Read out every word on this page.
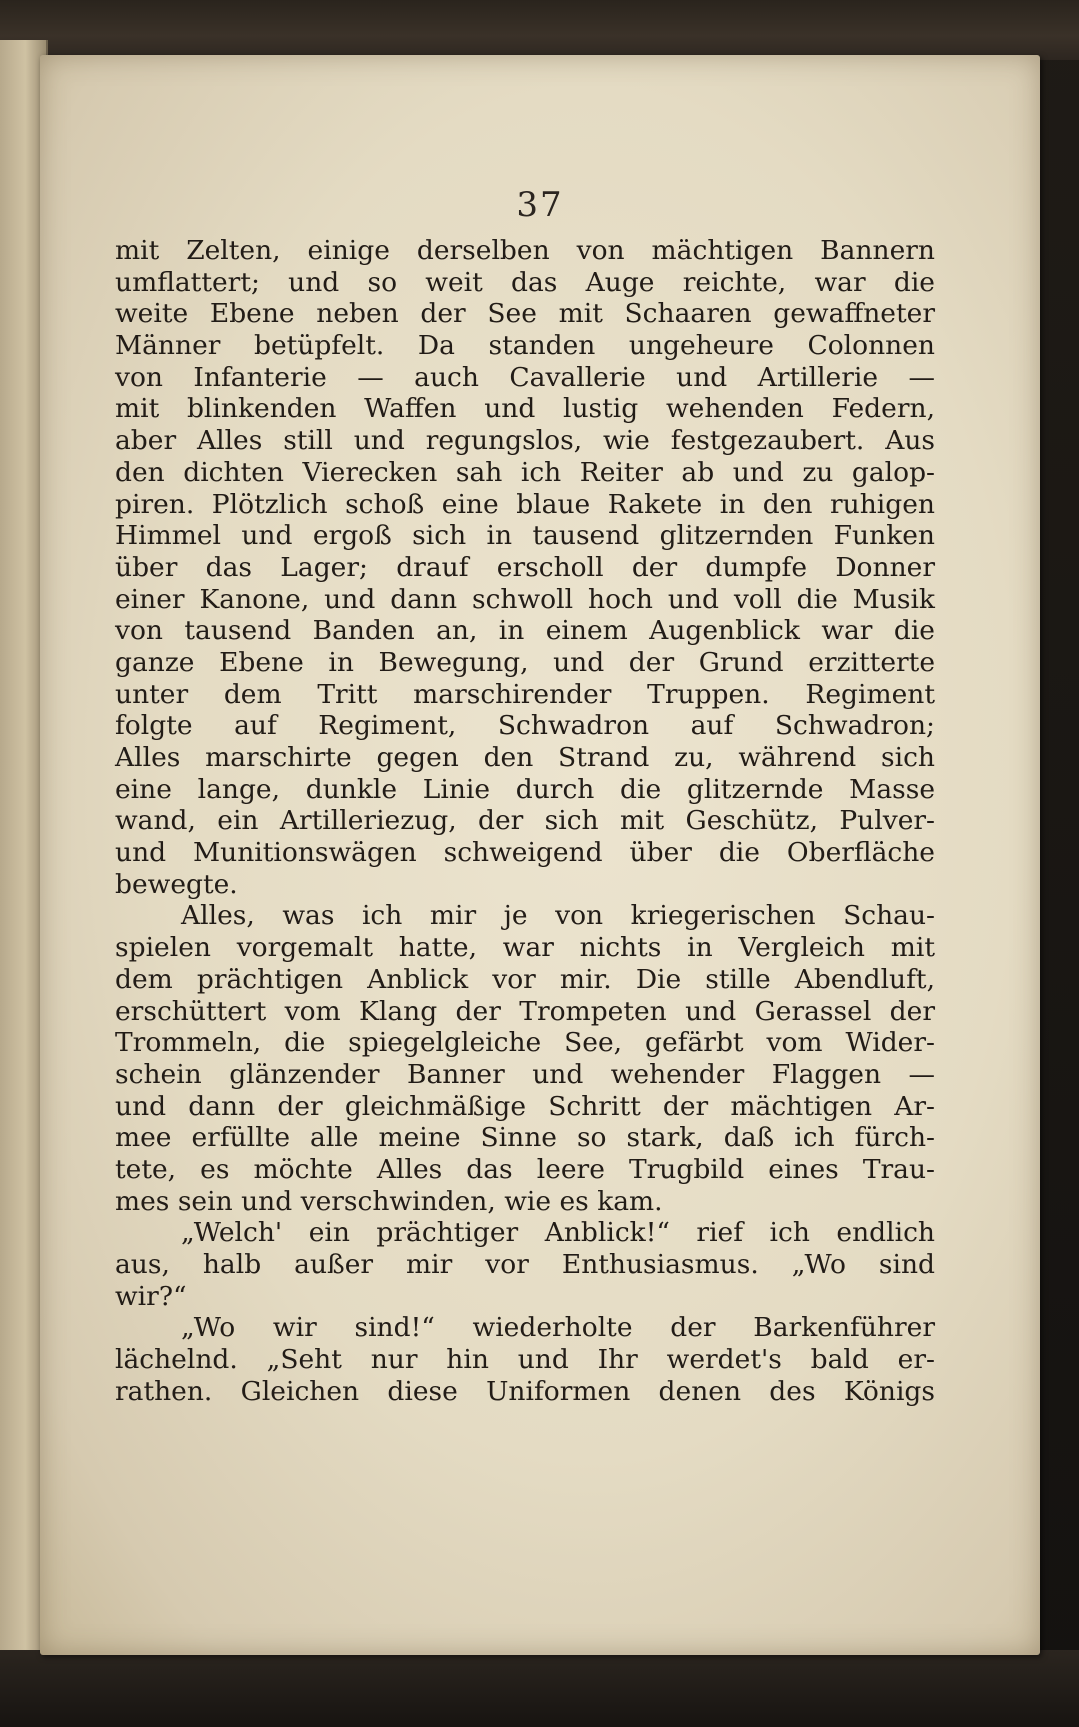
37
mit Zelten, einige derselben von mächtigen Bannern
umflattert; und so weit das Auge reichte, war die
weite Ebene neben der See mit Schaaren gewaffneter
Männer betüpfelt. Da standen ungeheure Colonnen
von Infanterie — auch Cavallerie und Artillerie —
mit blinkenden Waffen und lustig wehenden Federn,
aber Alles still und regungslos, wie festgezaubert. Aus
den dichten Vierecken sah ich Reiter ab und zu galop-
piren. Plötzlich schoß eine blaue Rakete in den ruhigen
Himmel und ergoß sich in tausend glitzernden Funken
über das Lager; drauf erscholl der dumpfe Donner
einer Kanone, und dann schwoll hoch und voll die Musik
von tausend Banden an, in einem Augenblick war die
ganze Ebene in Bewegung, und der Grund erzitterte
unter dem Tritt marschirender Truppen. Regiment
folgte auf Regiment, Schwadron auf Schwadron;
Alles marschirte gegen den Strand zu, während sich
eine lange, dunkle Linie durch die glitzernde Masse
wand, ein Artilleriezug, der sich mit Geschütz, Pulver-
und Munitionswägen schweigend über die Oberfläche
bewegte.
Alles, was ich mir je von kriegerischen Schau-
spielen vorgemalt hatte, war nichts in Vergleich mit
dem prächtigen Anblick vor mir. Die stille Abendluft,
erschüttert vom Klang der Trompeten und Gerassel der
Trommeln, die spiegelgleiche See, gefärbt vom Wider-
schein glänzender Banner und wehender Flaggen —
und dann der gleichmäßige Schritt der mächtigen Ar-
mee erfüllte alle meine Sinne so stark, daß ich fürch-
tete, es möchte Alles das leere Trugbild eines Trau-
mes sein und verschwinden, wie es kam.
„Welch' ein prächtiger Anblick!“ rief ich endlich
aus, halb außer mir vor Enthusiasmus. „Wo sind
wir?“
„Wo wir sind!“ wiederholte der Barkenführer
lächelnd. „Seht nur hin und Ihr werdet's bald er-
rathen. Gleichen diese Uniformen denen des Königs
